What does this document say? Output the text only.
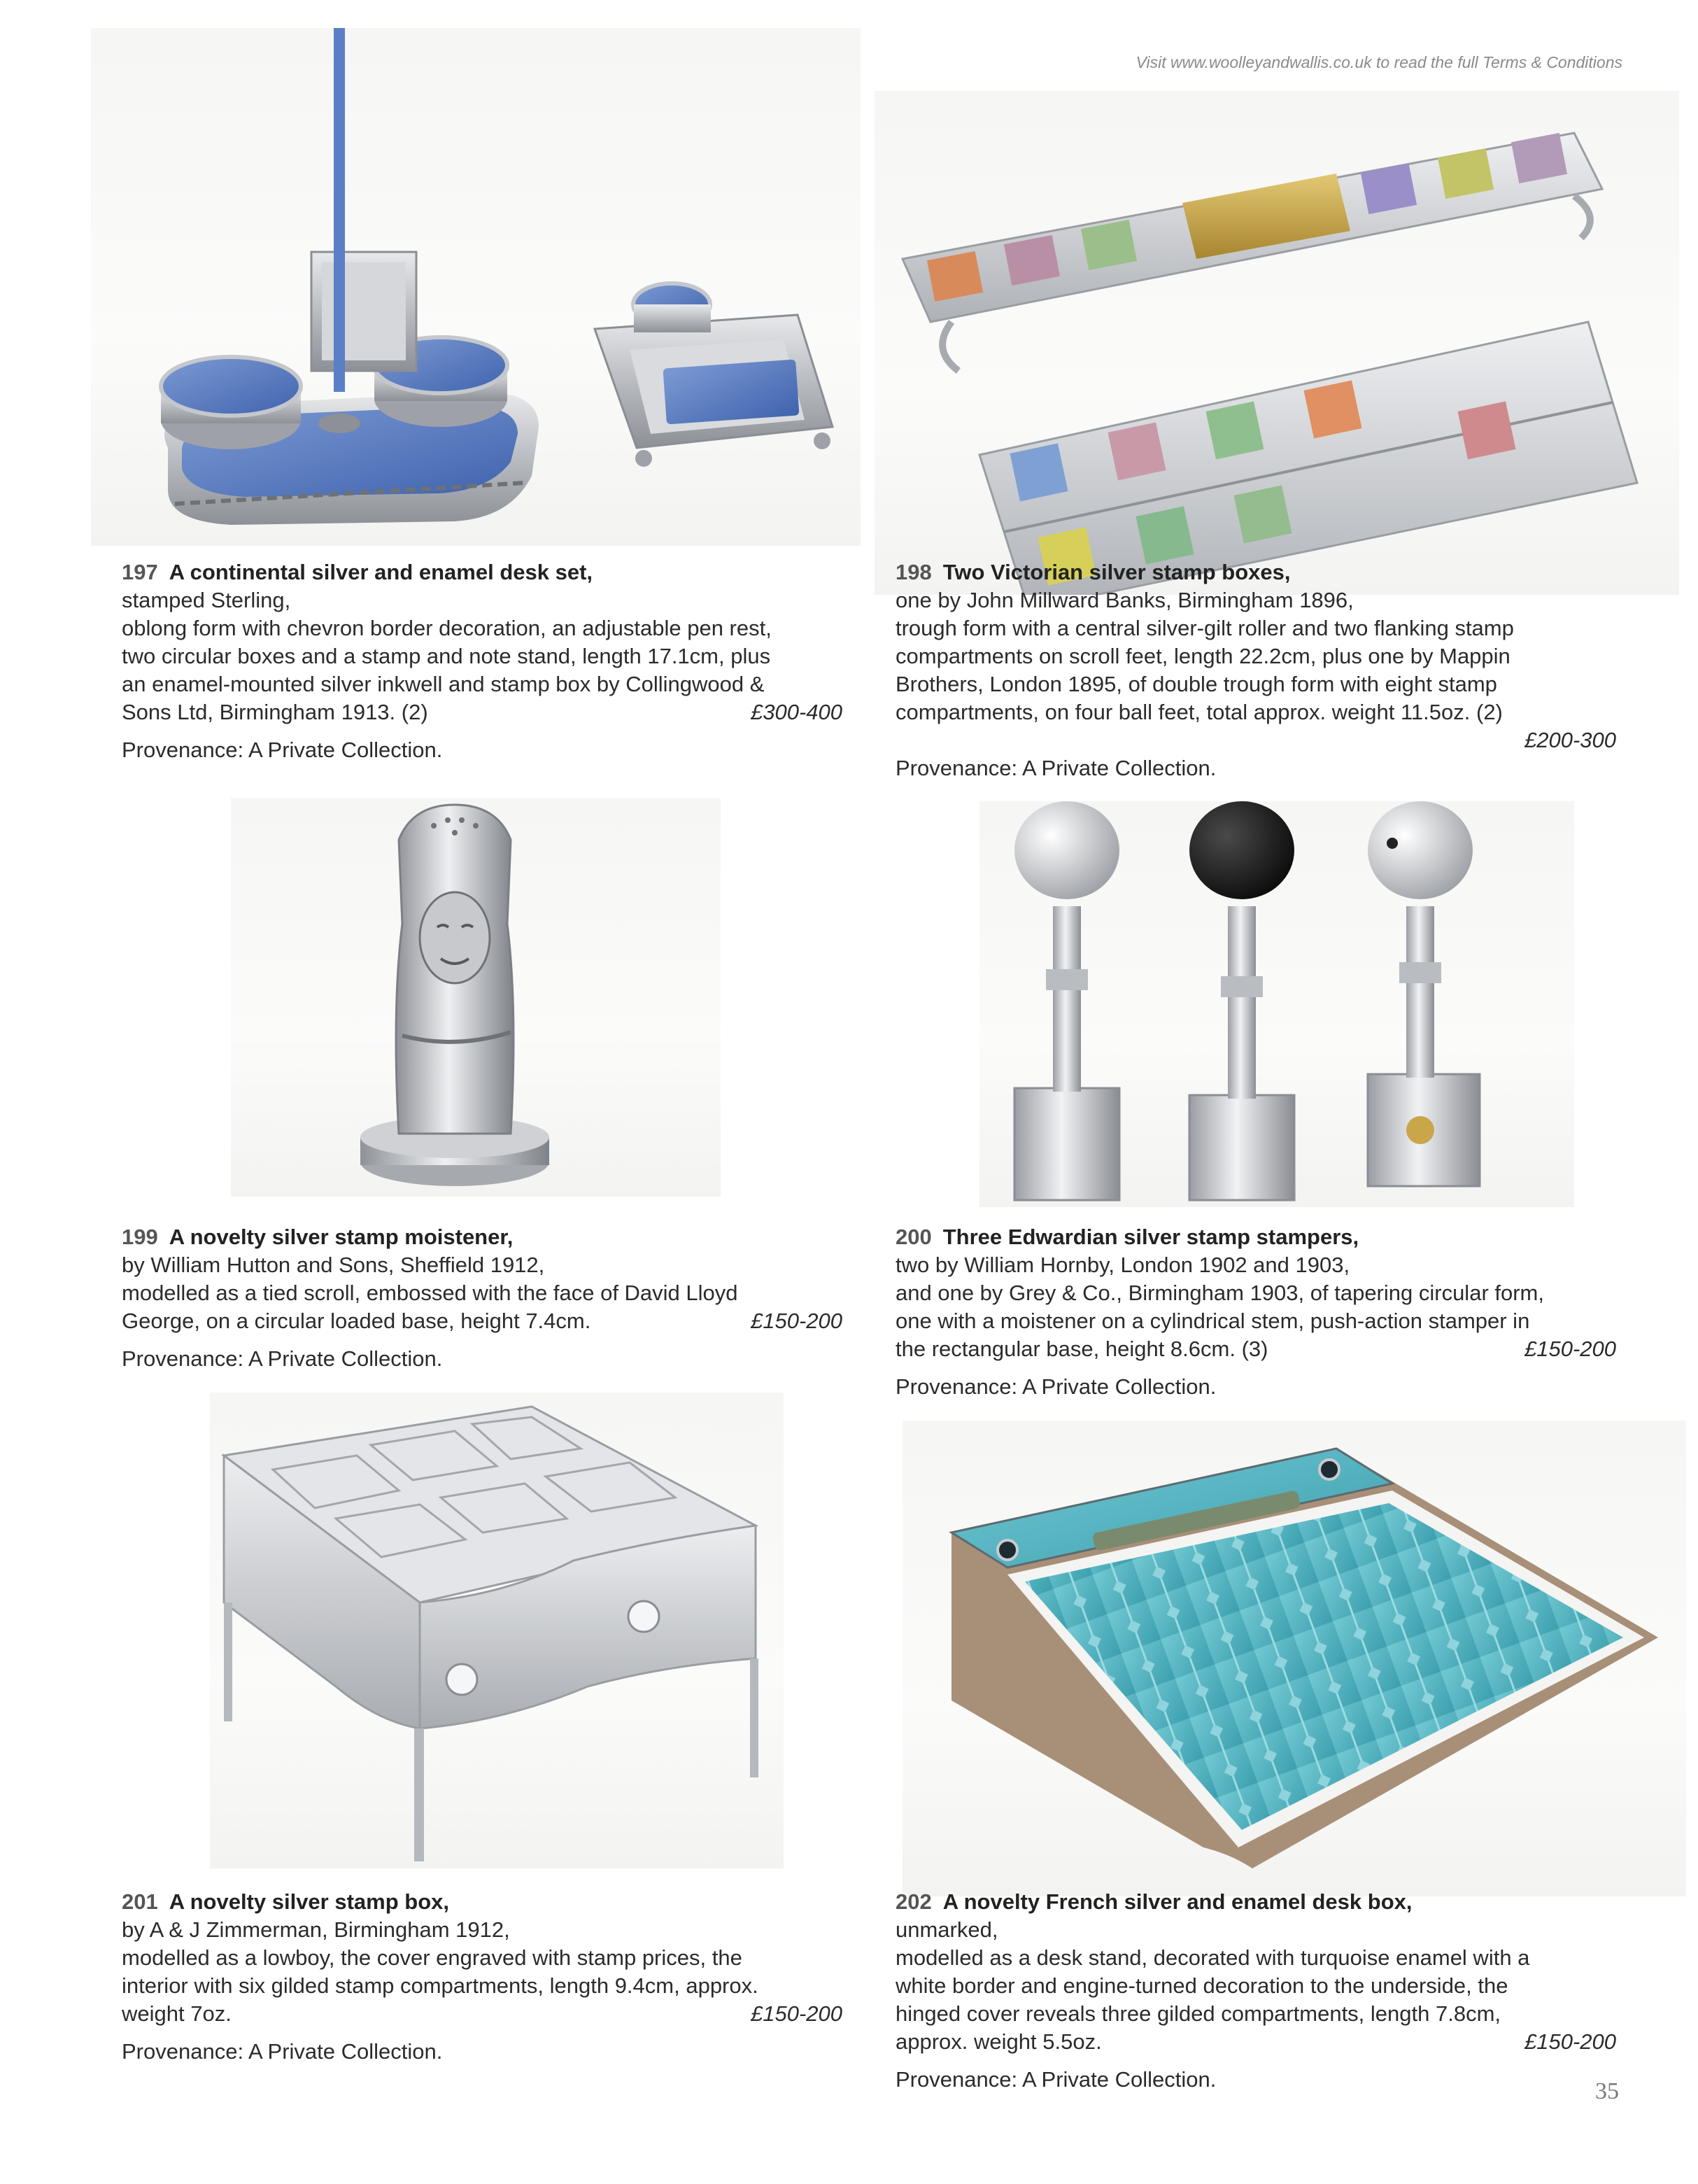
Visit www.woolleyandwallis.co.uk to read the full Terms & Conditions

197 A continental silver and enamel desk set,

stamped Sterling,

oblong form with chevron border decoration, an adjustable pen rest,

two circular boxes and a stamp and note stand, length 17.1cm, plus

an enamel-mounted silver inkwell and stamp box by Collingwood &

Sons Ltd, Birmingham 1913. (2)	£300-400

Provenance: A Private Collection.

198 Two Victorian silver stamp boxes,

one by John Millward Banks, Birmingham 1896,

trough form with a central silver-gilt roller and two flanking stamp

compartments on scroll feet, length 22.2cm, plus one by Mappin

Brothers, London 1895, of double trough form with eight stamp

compartments, on four ball feet, total approx. weight 11.5oz. (2)

£200-300

Provenance: A Private Collection.

199 A novelty silver stamp moistener,

by William Hutton and Sons, Sheffield 1912,

modelled as a tied scroll, embossed with the face of David Lloyd

George, on a circular loaded base, height 7.4cm.	£150-200

Provenance: A Private Collection.

200 Three Edwardian silver stamp stampers,

two by William Hornby, London 1902 and 1903,

and one by Grey & Co., Birmingham 1903, of tapering circular form,

one with a moistener on a cylindrical stem, push-action stamper in

the rectangular base, height 8.6cm. (3)	£150-200

Provenance: A Private Collection.

201 A novelty silver stamp box,

by A & J Zimmerman, Birmingham 1912,

modelled as a lowboy, the cover engraved with stamp prices, the

interior with six gilded stamp compartments, length 9.4cm, approx.

weight 7oz.	£150-200

Provenance: A Private Collection.

202 A novelty French silver and enamel desk box,

unmarked,

modelled as a desk stand, decorated with turquoise enamel with a

white border and engine-turned decoration to the underside, the

hinged cover reveals three gilded compartments, length 7.8cm,

approx. weight 5.5oz.	£150-200

Provenance: A Private Collection.	35
